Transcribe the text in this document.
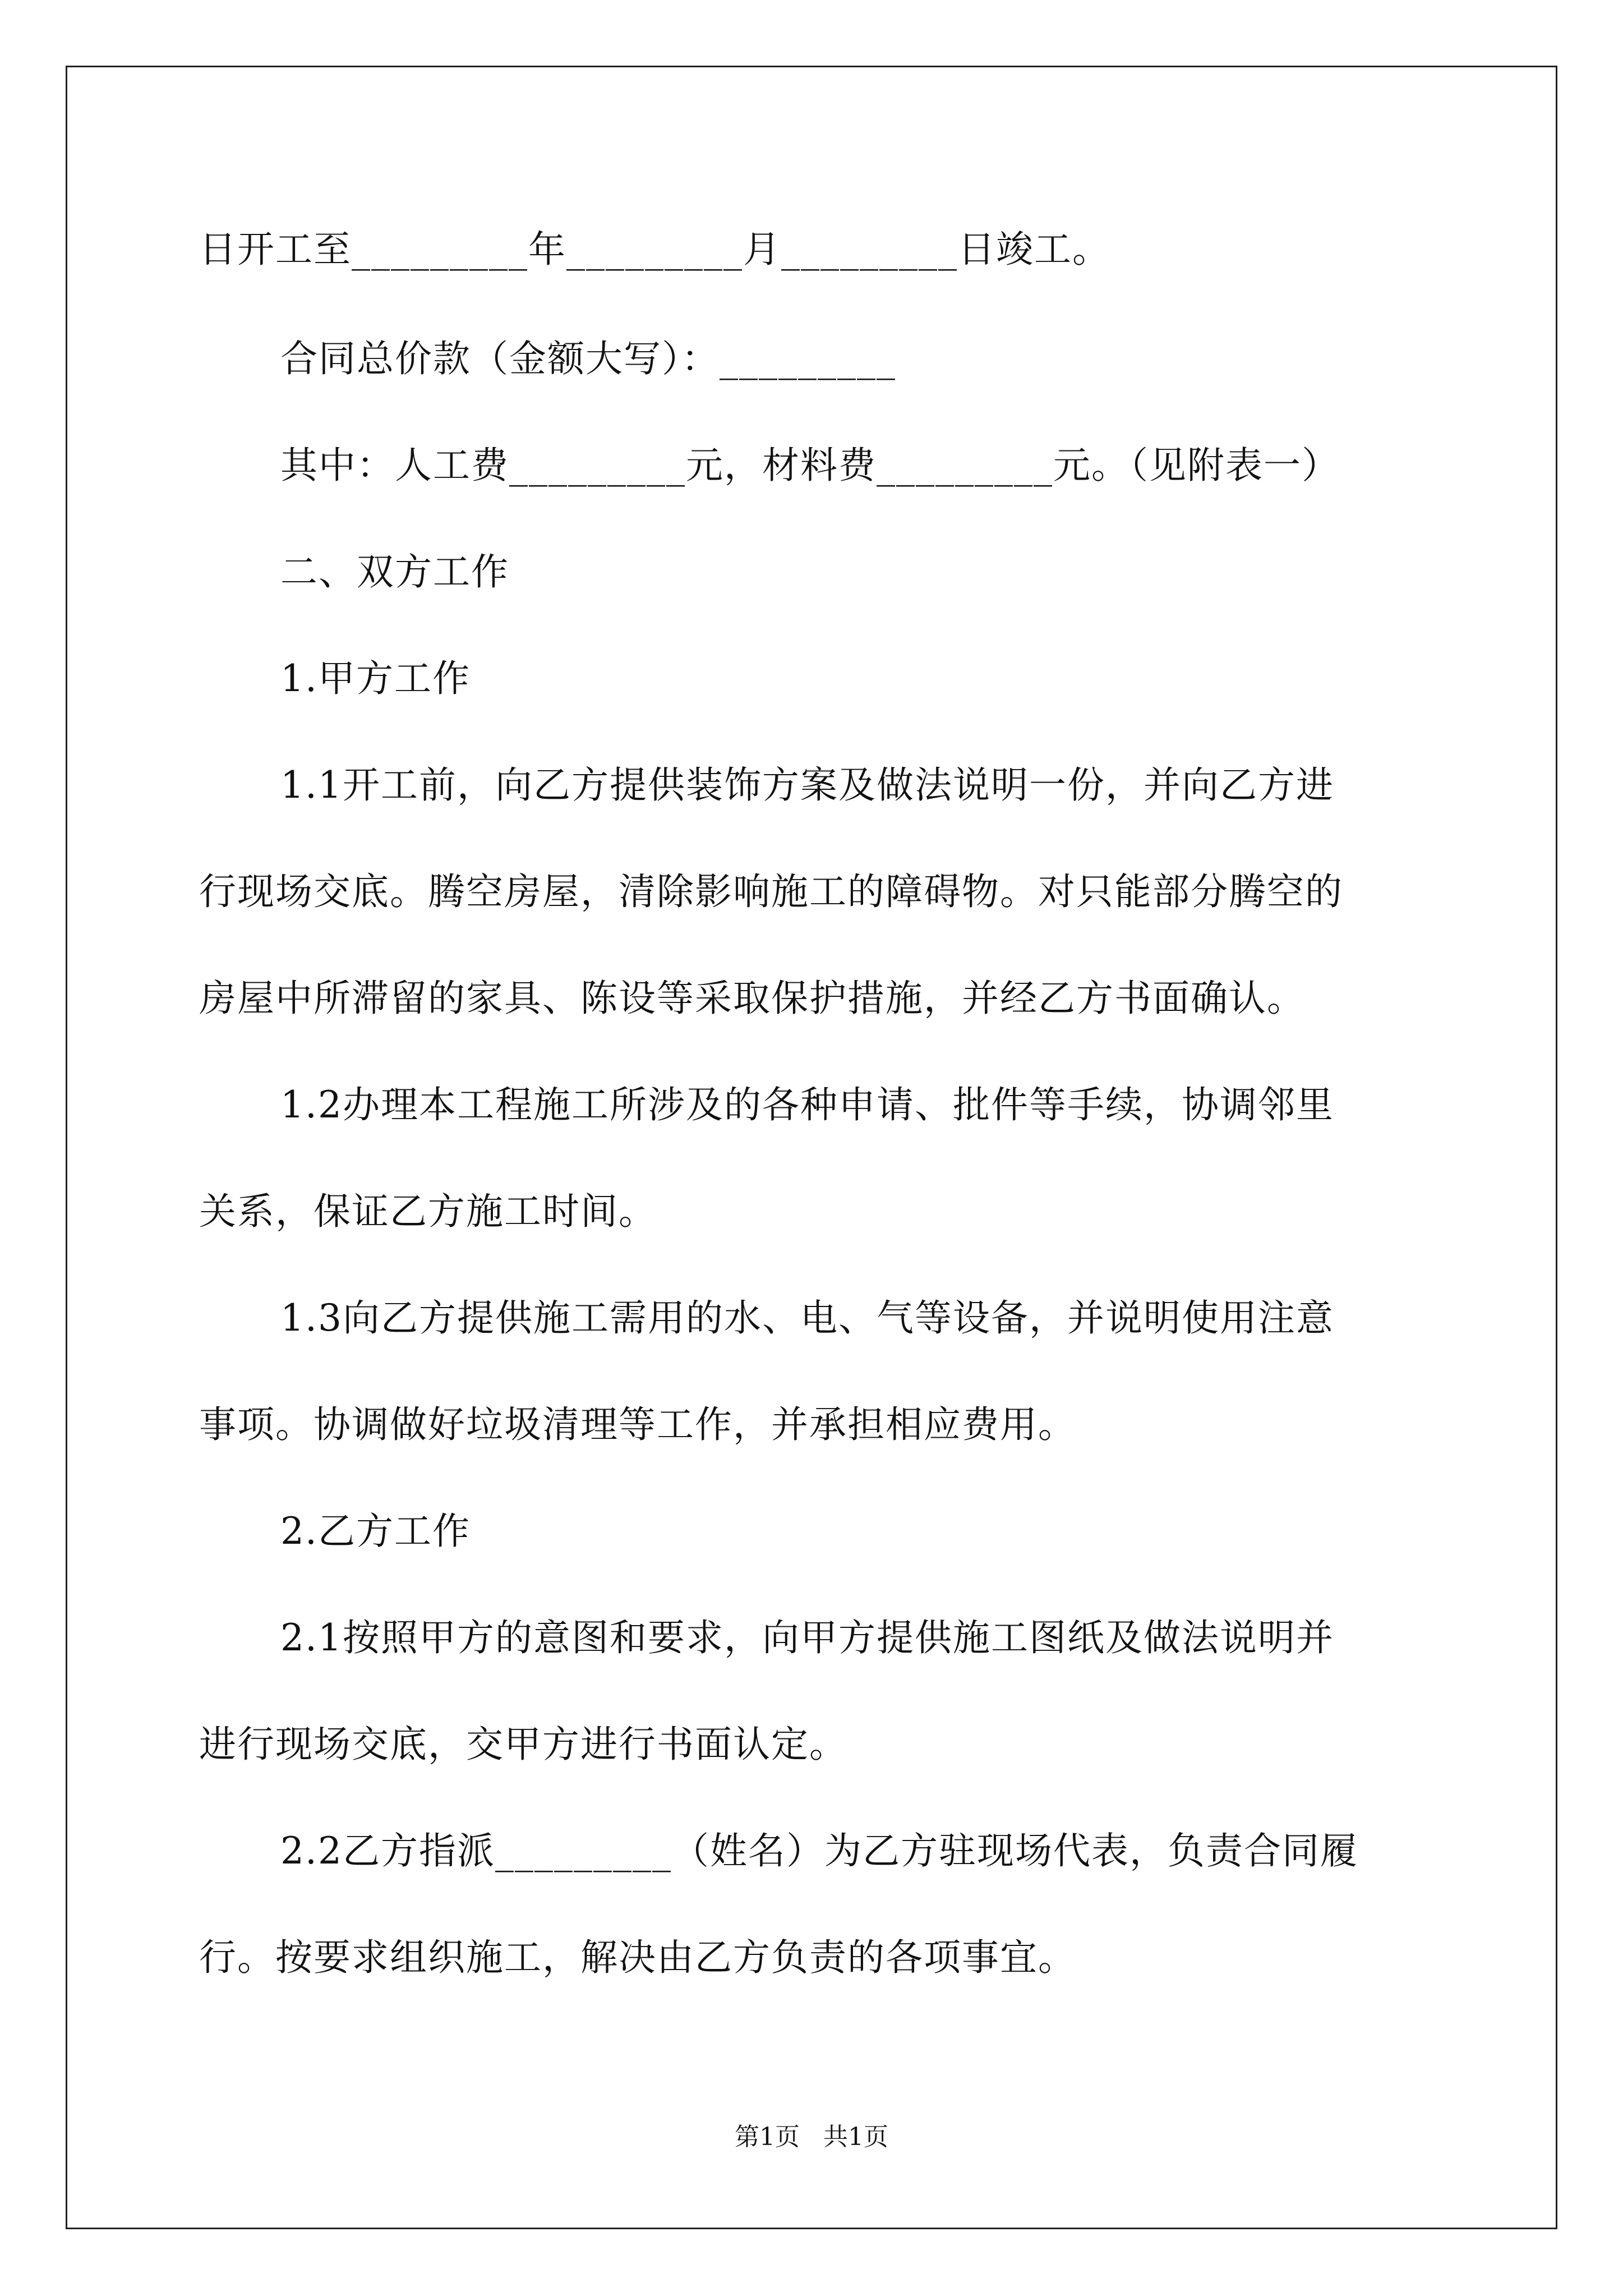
日开工至_________年_________月_________日竣工。
合同总价款（金额大写）：_________
其中：人工费_________元，材料费_________元。（见附表一）
二、双方工作
1.甲方工作
1.1开工前，向乙方提供装饰方案及做法说明一份，并向乙方进
行现场交底。腾空房屋，清除影响施工的障碍物。对只能部分腾空的
房屋中所滞留的家具、陈设等采取保护措施，并经乙方书面确认。
1.2办理本工程施工所涉及的各种申请、批件等手续，协调邻里
关系，保证乙方施工时间。
1.3向乙方提供施工需用的水、电、气等设备，并说明使用注意
事项。协调做好垃圾清理等工作，并承担相应费用。
2.乙方工作
2.1按照甲方的意图和要求，向甲方提供施工图纸及做法说明并
进行现场交底，交甲方进行书面认定。
2.2乙方指派_________（姓名）为乙方驻现场代表，负责合同履
行。按要求组织施工，解决由乙方负责的各项事宜。
第1页   共1页
